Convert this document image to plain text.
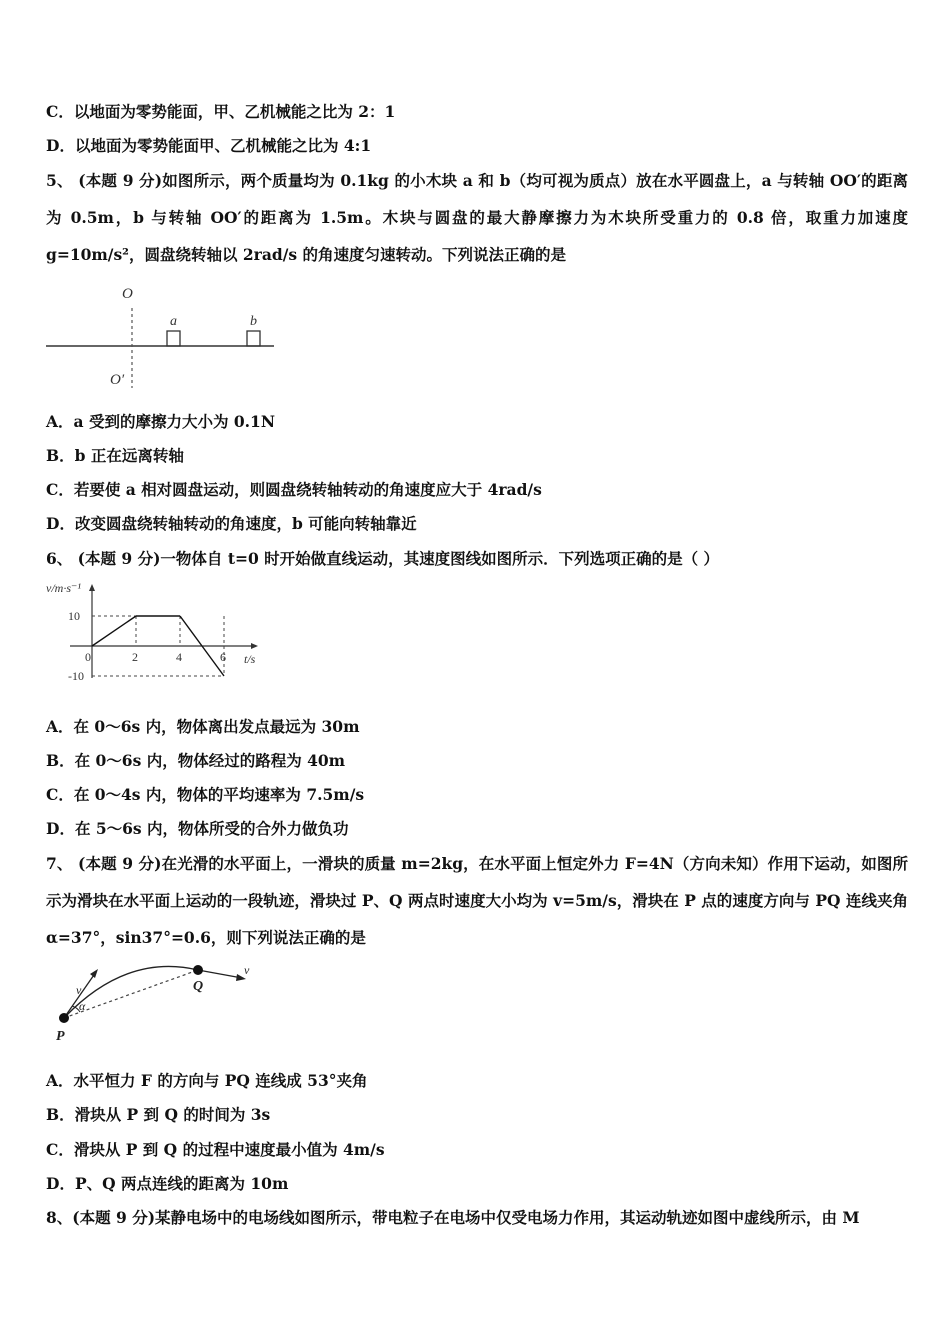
C．以地面为零势能面，甲、乙机械能之比为 2：1
D．以地面为零势能面甲、乙机械能之比为 4:1
5、 (本题 9 分)如图所示，两个质量均为 0.1kg 的小木块 a 和 b（均可视为质点）放在水平圆盘上，a 与转轴 OO′的距离为 0.5m，b 与转轴 OO′的距离为 1.5m。木块与圆盘的最大静摩擦力为木块所受重力的 0.8 倍，取重力加速度 g=10m/s²，圆盘绕转轴以 2rad/s 的角速度匀速转动。下列说法正确的是
O
O′
a	b
A．a 受到的摩擦力大小为 0.1N
B．b 正在远离转轴
C．若要使 a 相对圆盘运动，则圆盘绕转轴转动的角速度应大于 4rad/s
D．改变圆盘绕转轴转动的角速度，b 可能向转轴靠近
6、 (本题 9 分)一物体自 t=0 时开始做直线运动，其速度图线如图所示．下列选项正确的是（ ）
v/m·s⁻¹
t/s
0	2	4	6
10
-10
A．在 0～6s 内，物体离出发点最远为 30m
B．在 0～6s 内，物体经过的路程为 40m
C．在 0～4s 内，物体的平均速率为 7.5m/s
D．在 5～6s 内，物体所受的合外力做负功
7、 (本题 9 分)在光滑的水平面上，一滑块的质量 m=2kg，在水平面上恒定外力 F=4N（方向未知）作用下运动，如图所示为滑块在水平面上运动的一段轨迹，滑块过 P、Q 两点时速度大小均为 v=5m/s，滑块在 P 点的速度方向与 PQ 连线夹角 α=37°，sin37°=0.6，则下列说法正确的是
P
Q
v
v
α
A．水平恒力 F 的方向与 PQ 连线成 53°夹角
B．滑块从 P 到 Q 的时间为 3s
C．滑块从 P 到 Q 的过程中速度最小值为 4m/s
D．P、Q 两点连线的距离为 10m
8、(本题 9 分)某静电场中的电场线如图所示，带电粒子在电场中仅受电场力作用，其运动轨迹如图中虚线所示，由 M
